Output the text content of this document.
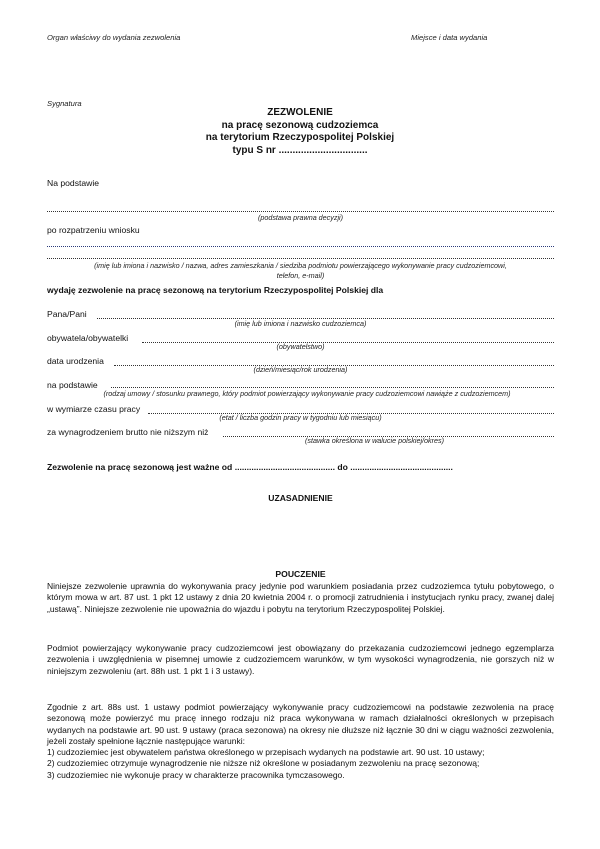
Organ właściwy do wydania zezwolenia	Miejsce i data wydania
Sygnatura
ZEZWOLENIE
na pracę sezonową cudzoziemca
na terytorium Rzeczypospolitej Polskiej
typu S nr ................................
Na podstawie
(podstawa prawna decyzji)
po rozpatrzeniu wniosku
(imię lub imiona i nazwisko / nazwa, adres zamieszkania / siedziba podmiotu powierzającego wykonywanie pracy cudzoziemcowi,
telefon, e-mail)
wydaję zezwolenie na pracę sezonową na terytorium Rzeczypospolitej Polskiej dla
Pana/Pani
(imię lub imiona i nazwisko cudzoziemca)
obywatela/obywatelki
(obywatelstwo)
data urodzenia
(dzień/miesiąc/rok urodzenia)
na podstawie
(rodzaj umowy / stosunku prawnego, który podmiot powierzający wykonywanie pracy cudzoziemcowi nawiąże z cudzoziemcem)
w wymiarze czasu pracy
(etat / liczba godzin pracy w tygodniu lub miesiącu)
za wynagrodzeniem brutto nie niższym niż
(stawka określona w walucie polskiej/okres)
Zezwolenie na pracę sezonową jest ważne od .......................................... do ...........................................
UZASADNIENIE
POUCZENIE
Niniejsze zezwolenie uprawnia do wykonywania pracy jedynie pod warunkiem posiadania przez cudzoziemca tytułu pobytowego, o którym mowa w art. 87 ust. 1 pkt 12 ustawy z dnia 20 kwietnia 2004 r. o promocji zatrudnienia i instytucjach rynku pracy, zwanej dalej „ustawą”. Niniejsze zezwolenie nie upoważnia do wjazdu i pobytu na terytorium Rzeczypospolitej Polskiej.
Podmiot powierzający wykonywanie pracy cudzoziemcowi jest obowiązany do przekazania cudzoziemcowi jednego egzemplarza zezwolenia i uwzględnienia w pisemnej umowie z cudzoziemcem warunków, w tym wysokości wynagrodzenia, nie gorszych niż w niniejszym zezwoleniu (art. 88h ust. 1 pkt 1 i 3 ustawy).
Zgodnie z art. 88s ust. 1 ustawy podmiot powierzający wykonywanie pracy cudzoziemcowi na podstawie zezwolenia na pracę sezonową może powierzyć mu pracę innego rodzaju niż praca wykonywana w ramach działalności określonych w przepisach wydanych na podstawie art. 90 ust. 9 ustawy (praca sezonowa) na okresy nie dłuższe niż łącznie 30 dni w ciągu ważności zezwolenia, jeżeli zostały spełnione łącznie następujące warunki:
1) cudzoziemiec jest obywatelem państwa określonego w przepisach wydanych na podstawie art. 90 ust. 10 ustawy;
2) cudzoziemiec otrzymuje wynagrodzenie nie niższe niż określone w posiadanym zezwoleniu na pracę sezonową;
3) cudzoziemiec nie wykonuje pracy w charakterze pracownika tymczasowego.
